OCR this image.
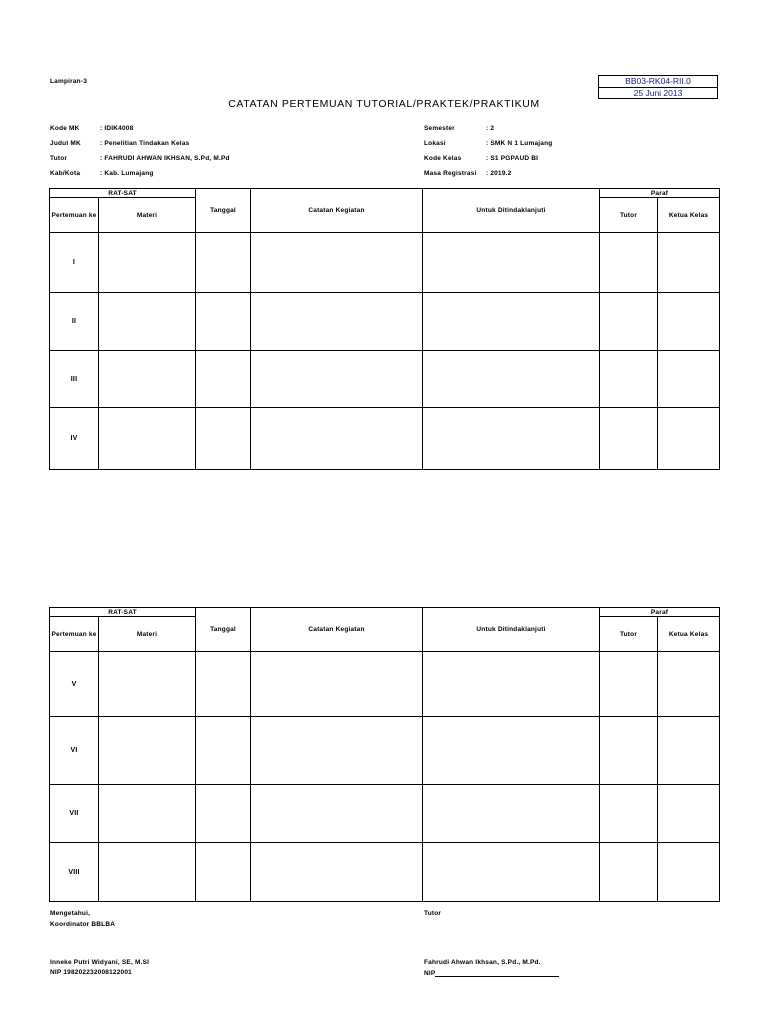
Lampiran-3	BB03-RK04-RII.0
25 Juni 2013
CATATAN PERTEMUAN TUTORIAL/PRAKTEK/PRAKTIKUM
Kode MK	: IDIK4008
Judul MK	: Penelitian Tindakan Kelas
Tutor	: FAHRUDI AHWAN IKHSAN, S.Pd, M.Pd
Kab/Kota	: Kab. Lumajang
Semester	: 2
Lokasi	: SMK N 1 Lumajang
Kode Kelas	: S1 PGPAUD BI
Masa Registrasi : 2019.2
RAT-SAT		Tanggal	Catatan Kegiatan	Untuk Ditindaklanjuti	Paraf	
Pertemuan ke	Materi				Tutor	Ketua Kelas
I						
II						
III						
IV						
RAT-SAT		Tanggal	Catatan Kegiatan	Untuk Ditindaklanjuti	Paraf	
Pertemuan ke	Materi				Tutor	Ketua Kelas
V						
VI						
VII						
VIII						
Mengetahui,
Koordinator BBLBA
Tutor
Inneke Putri Widyani, SE, M.SI
NIP 198202232008122001
Fahrudi Ahwan Ikhsan, S.Pd., M.Pd.
NIP
